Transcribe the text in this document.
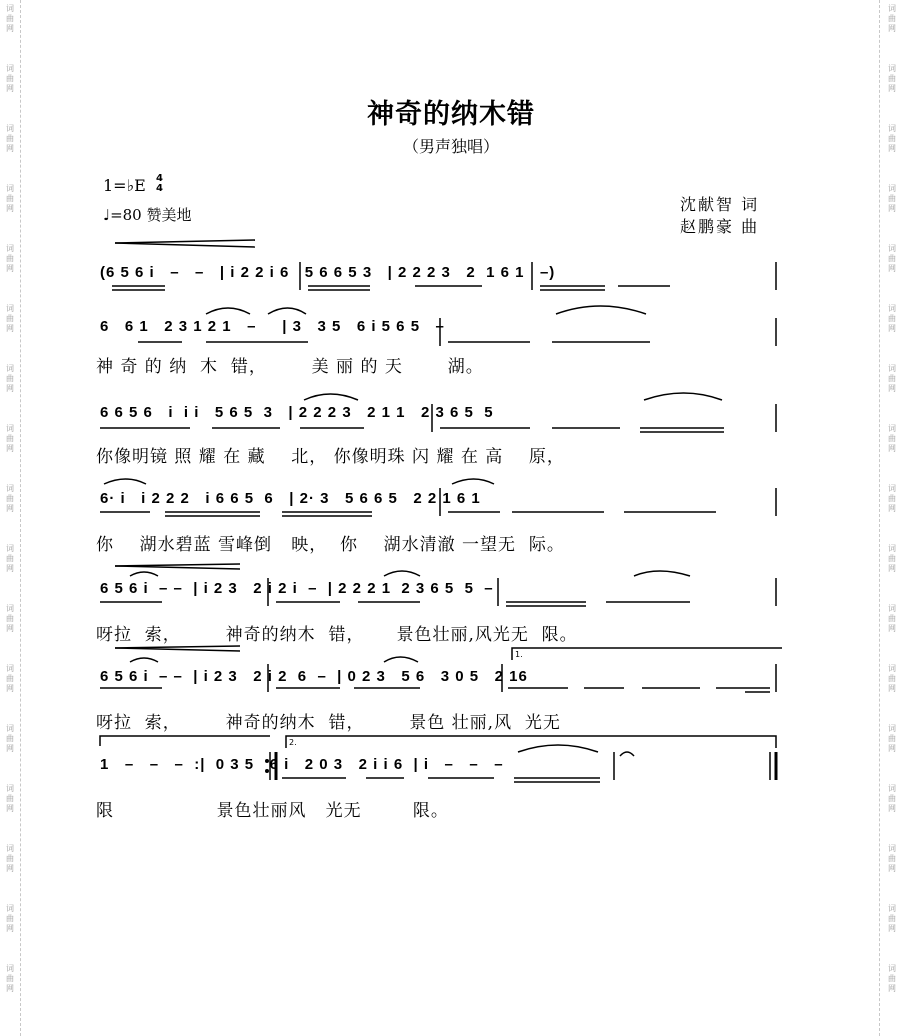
词
曲
网
词
曲
网
词
曲
网
词
曲
网
词
曲
网
词
曲
网
词
曲
网
词
曲
网
词
曲
网
词
曲
网
词
曲
网
词
曲
网
词
曲
网
词
曲
网
词
曲
网
词
曲
网
词
曲
网
词
曲
网
词
曲
网
词
曲
网
词
曲
网
词
曲
网
词
曲
网
词
曲
网
词
曲
网
词
曲
网
词
曲
网
词
曲
网
词
曲
网
词
曲
网
词
曲
网
词
曲
网
词
曲
网
词
曲
网
神奇的纳木错
（男声独唱）
1=♭E 4
4
♩=80 赞美地
沈献智 词
赵鹏豪 曲
(6 5 6 i   –   –   | i 2 2 i 6   5 6 6 5 3   | 2 2 2 3   2  1 6 1   –)
6   6 1   2 3 1 2 1   –     | 3   3 5   6 i 5 6 5   –
神 奇 的 纳  木  错，       美 丽 的 天       湖。
6 6 5 6   i  i i   5 6 5  3   | 2 2 2 3   2 1 1   2 3 6 5  5
你像明镜 照 耀 在 藏    北， 你像明珠 闪 耀 在 高    原，
6· i   i 2 2 2   i 6 6 5  6   | 2· 3   5 6 6 5   2 2 1 6 1
你    湖水碧蓝 雪峰倒   映，  你    湖水清澈 一望无  际。
6 5 6 i  – –  | i 2 3   2 i 2 i  –  | 2 2 2 1  2 3 6 5  5  –
呀拉  索，       神奇的纳木  错，     景色壮丽,风光无  限。
6 5 6 i  – –  | i 2 3   2 i 2  6  –  | 0 2 3   5 6   3 0 5   2 16
呀拉  索，       神奇的纳木  错，       景色 壮丽,风  光无
1   –   –   –  :|  0 3 5   6 i   2 0 3   2 i i 6  | i   –   –   –
限                景色壮丽风   光无        限。
1.
2.
